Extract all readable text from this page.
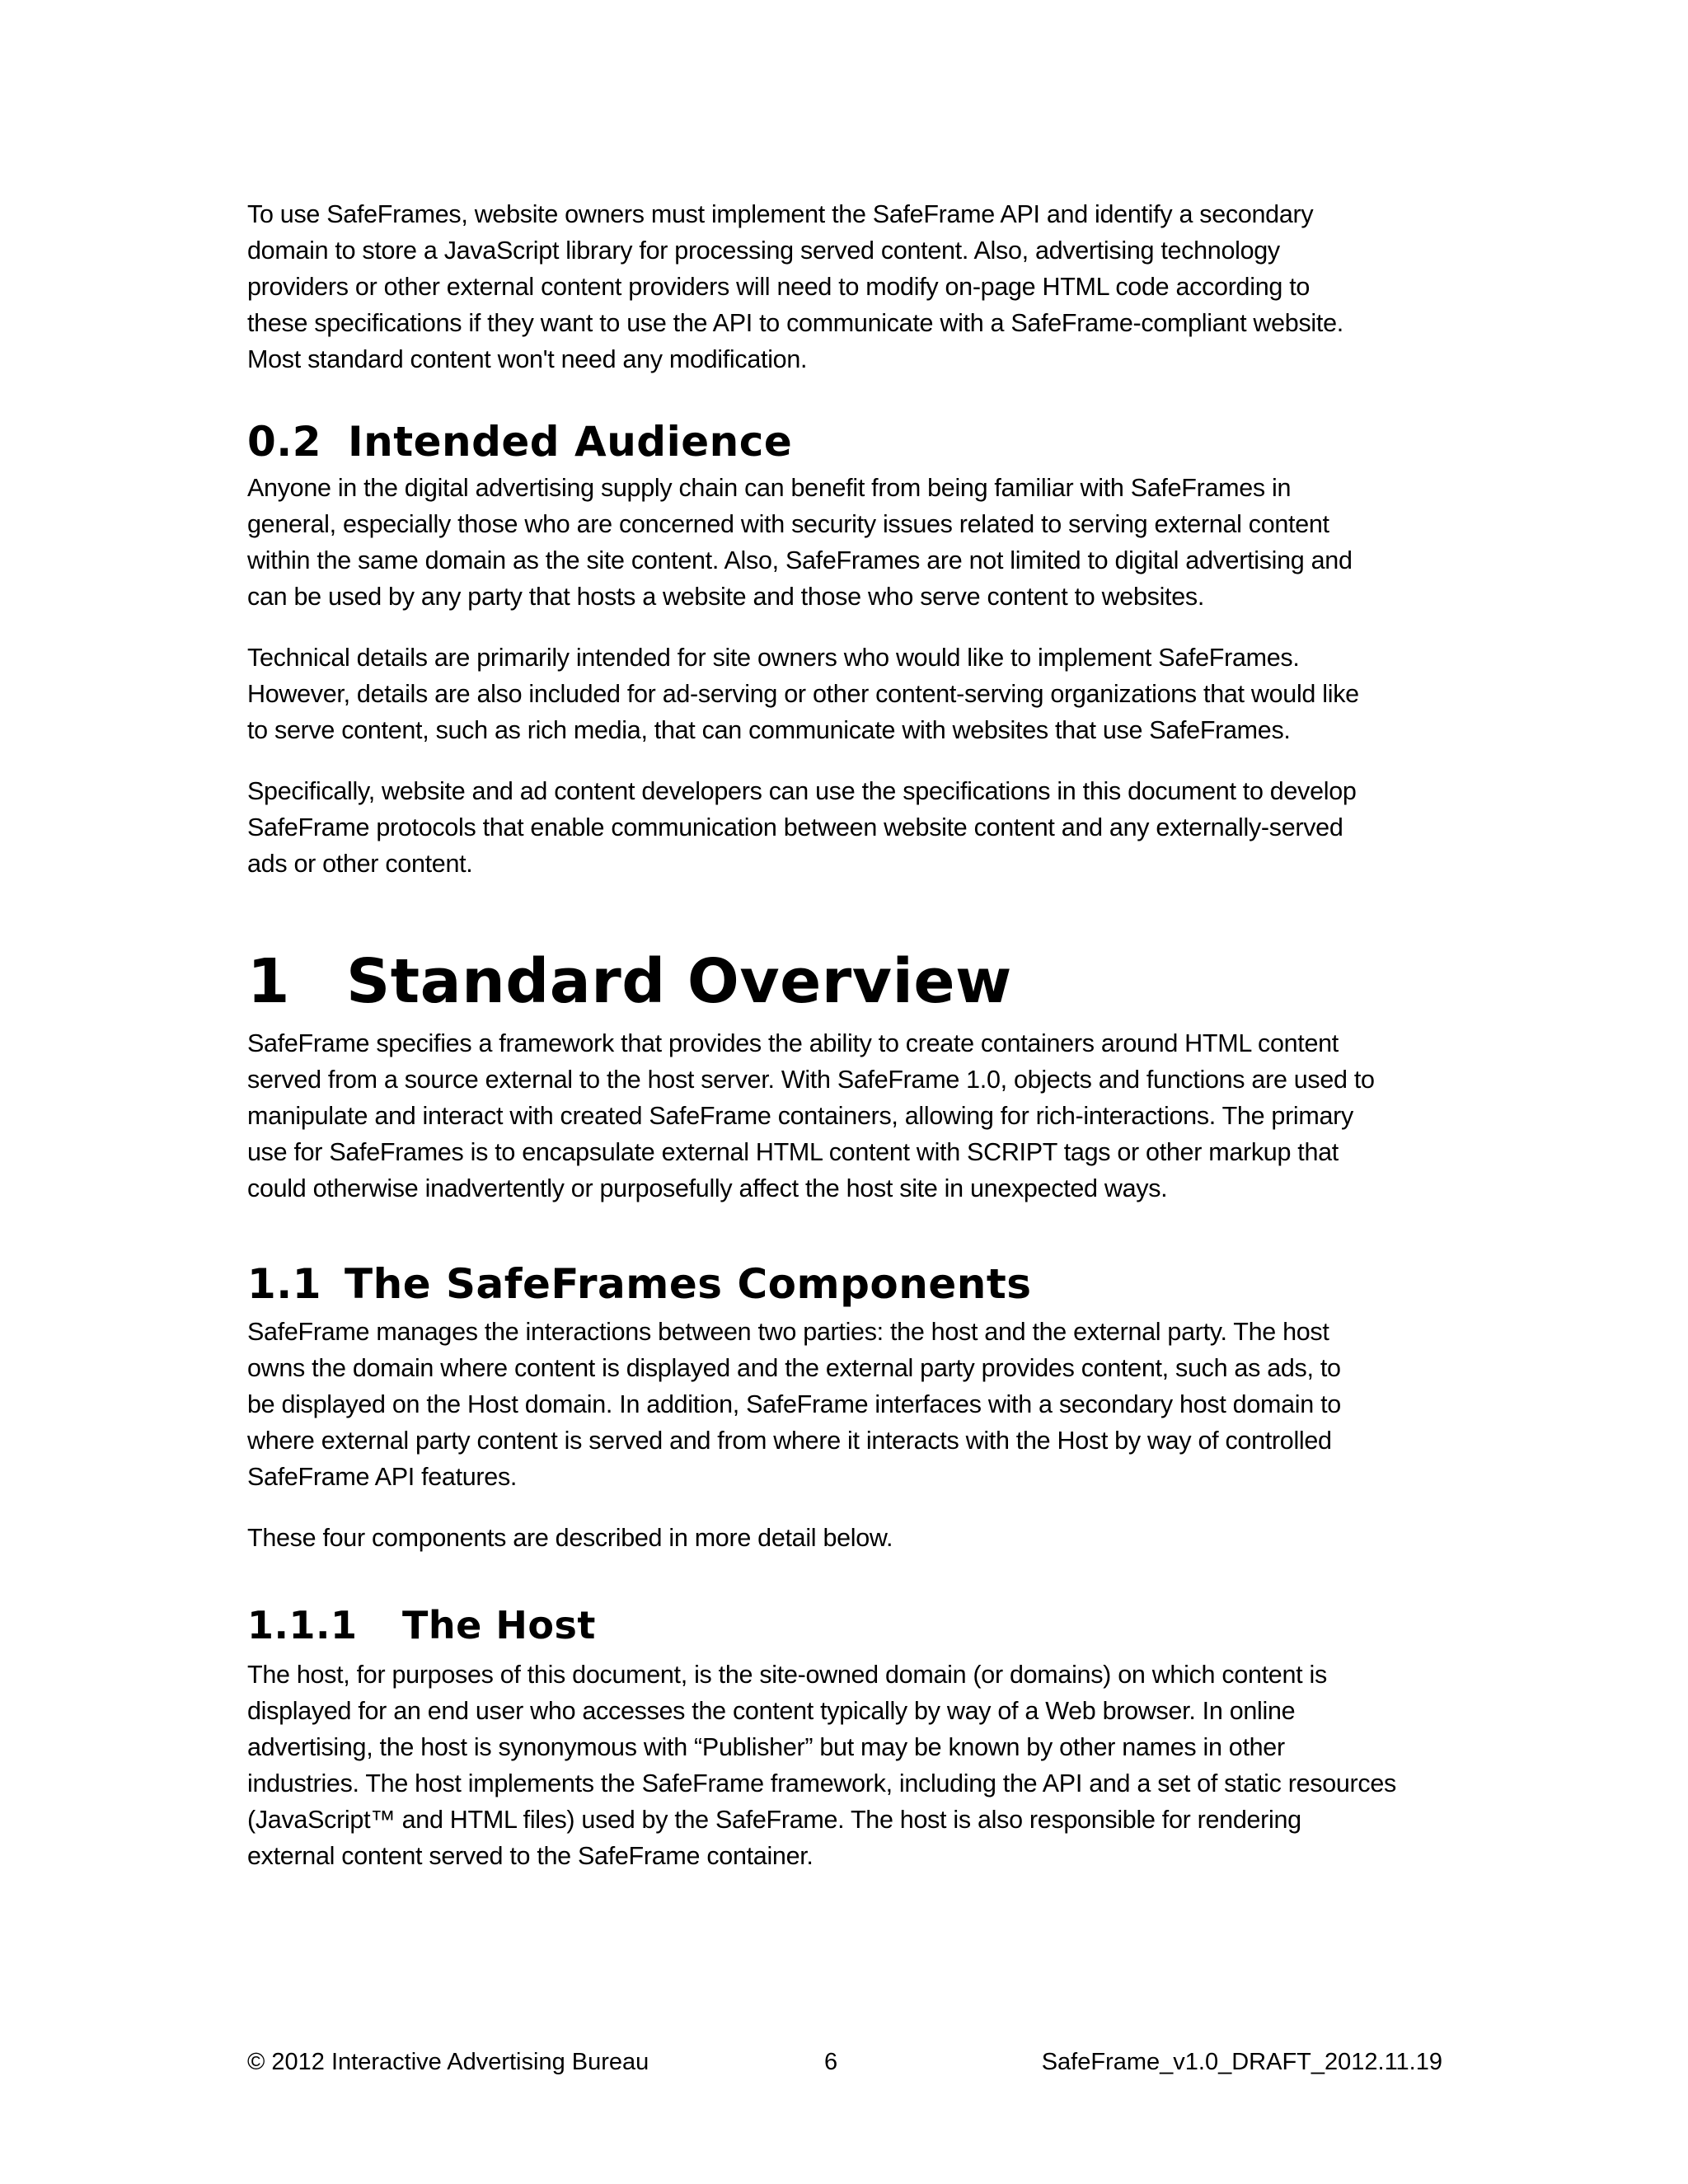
To use SafeFrames, website owners must implement the SafeFrame API and identify a secondary
domain to store a JavaScript library for processing served content. Also, advertising technology
providers or other external content providers will need to modify on-page HTML code according to
these specifications if they want to use the API to communicate with a SafeFrame-compliant website.
Most standard content won't need any modification.

0.2 Intended Audience

Anyone in the digital advertising supply chain can benefit from being familiar with SafeFrames in
general, especially those who are concerned with security issues related to serving external content
within the same domain as the site content. Also, SafeFrames are not limited to digital advertising and
can be used by any party that hosts a website and those who serve content to websites.

Technical details are primarily intended for site owners who would like to implement SafeFrames.
However, details are also included for ad-serving or other content-serving organizations that would like
to serve content, such as rich media, that can communicate with websites that use SafeFrames.

Specifically, website and ad content developers can use the specifications in this document to develop
SafeFrame protocols that enable communication between website content and any externally-served
ads or other content.

1 Standard Overview

SafeFrame specifies a framework that provides the ability to create containers around HTML content
served from a source external to the host server. With SafeFrame 1.0, objects and functions are used to
manipulate and interact with created SafeFrame containers, allowing for rich-interactions. The primary
use for SafeFrames is to encapsulate external HTML content with SCRIPT tags or other markup that
could otherwise inadvertently or purposefully affect the host site in unexpected ways.

1.1 The SafeFrames Components

SafeFrame manages the interactions between two parties: the host and the external party. The host
owns the domain where content is displayed and the external party provides content, such as ads, to
be displayed on the Host domain. In addition, SafeFrame interfaces with a secondary host domain to
where external party content is served and from where it interacts with the Host by way of controlled
SafeFrame API features.

These four components are described in more detail below.

1.1.1 The Host

The host, for purposes of this document, is the site-owned domain (or domains) on which content is
displayed for an end user who accesses the content typically by way of a Web browser. In online
advertising, the host is synonymous with “Publisher” but may be known by other names in other
industries. The host implements the SafeFrame framework, including the API and a set of static resources
(JavaScript™ and HTML files) used by the SafeFrame. The host is also responsible for rendering
external content served to the SafeFrame container.

© 2012 Interactive Advertising Bureau	6	SafeFrame_v1.0_DRAFT_2012.11.19
